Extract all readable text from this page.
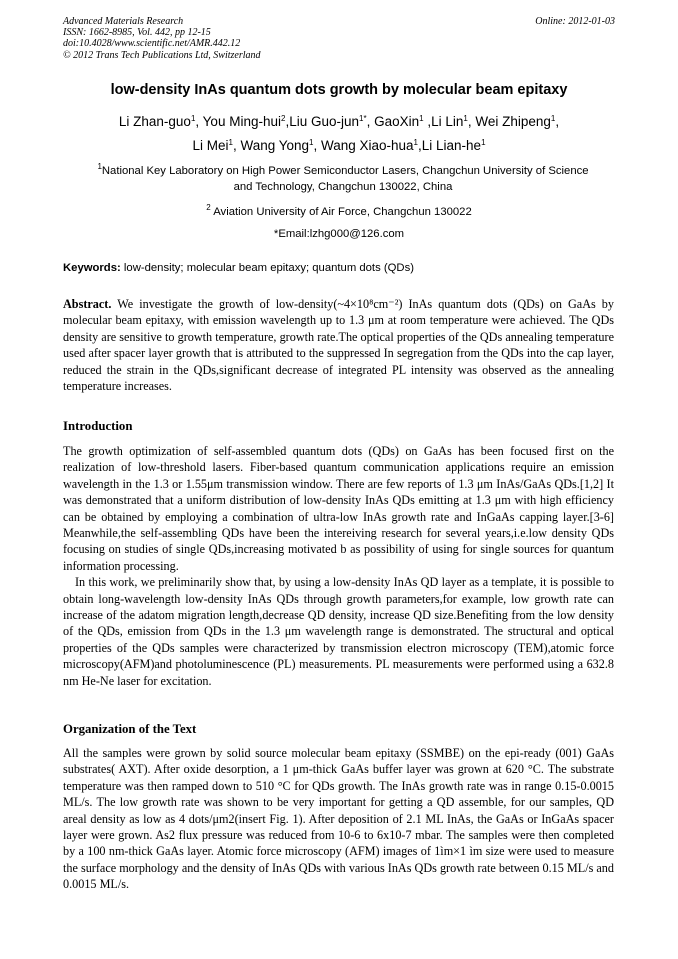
Advanced Materials Research
ISSN: 1662-8985, Vol. 442, pp 12-15
doi:10.4028/www.scientific.net/AMR.442.12
© 2012 Trans Tech Publications Ltd, Switzerland
Online: 2012-01-03
low-density InAs quantum dots growth by molecular beam epitaxy
Li Zhan-guo$^1$, You Ming-hui$^2$,Liu Guo-jun$^{1*}$, GaoXin$^1$ ,Li Lin$^1$, Wei Zhipeng$^1$,
Li Mei$^1$, Wang Yong$^1$, Wang Xiao-hua$^1$,Li Lian-$he^1$
$^1$National Key Laboratory on High Power Semiconductor Lasers, Changchun University of Science
and Technology, Changchun 130022, China
$^2$ Aviation University of Air Force, Changchun 130022
*Email:lzhg000@126.com
Keywords: low-density; molecular beam epitaxy; quantum dots (QDs)

Abstract. We investigate the growth of low-density(~4×10⁸cm⁻²) InAs quantum dots (QDs) on GaAs by molecular beam epitaxy, with emission wavelength up to 1.3 μm at room temperature were achieved. The QDs density are sensitive to growth temperature, growth rate.The optical properties of the QDs annealing temperature used after spacer layer growth that is attributed to the suppressed In segregation from the QDs into the cap layer, reduced the strain in the QDs,significant decrease of integrated PL intensity was observed as the annealing temperature increases.

Introduction

The growth optimization of self-assembled quantum dots (QDs) on GaAs has been focused first on the realization of low-threshold lasers. Fiber-based quantum communication applications require an emission wavelength in the 1.3 or 1.55μm transmission window. There are few reports of 1.3 μm InAs/GaAs QDs.[1,2] It was demonstrated that a uniform distribution of low-density InAs QDs emitting at 1.3 μm with high efficiency can be obtained by employing a combination of ultra-low InAs growth rate and InGaAs capping layer.[3-6] Meanwhile,the self-assembling QDs have been the intereiving research for several years,i.e.low density QDs focusing on studies of single QDs,increasing motivated b as possibility of using for single sources for quantum information processing.

In this work, we preliminarily show that, by using a low-density InAs QD layer as a template, it is possible to obtain long-wavelength low-density InAs QDs through growth parameters,for example, low growth rate can increase of the adatom migration length,decrease QD density, increase QD size.Benefiting from the low density of the QDs, emission from QDs in the 1.3 μm wavelength range is demonstrated. The structural and optical properties of the QDs samples were characterized by transmission electron microscopy (TEM),atomic force microscopy(AFM)and photoluminescence (PL) measurements. PL measurements were performed using a 632.8 nm He-Ne laser for excitation.

Organization of the Text

All the samples were grown by solid source molecular beam epitaxy (SSMBE) on the epi-ready (001) GaAs substrates( AXT). After oxide desorption, a 1 μm-thick GaAs buffer layer was grown at 620 °C. The substrate temperature was then ramped down to 510 °C for QDs growth. The InAs growth rate was in range 0.15-0.0015 ML/s. The low growth rate was shown to be very important for getting a QD assemble, for our samples, QD areal density as low as 4 dots/μm2(insert Fig. 1). After deposition of 2.1 ML InAs, the GaAs or InGaAs spacer layer were grown. As2 flux pressure was reduced from 10-6 to 6x10-7 mbar. The samples were then completed by a 100 nm-thick GaAs layer. Atomic force microscopy (AFM) images of 1ìm×1 ìm size were used to measure the surface morphology and the density of InAs QDs with various InAs QDs growth rate between 0.15 ML/s and 0.0015 ML/s.
